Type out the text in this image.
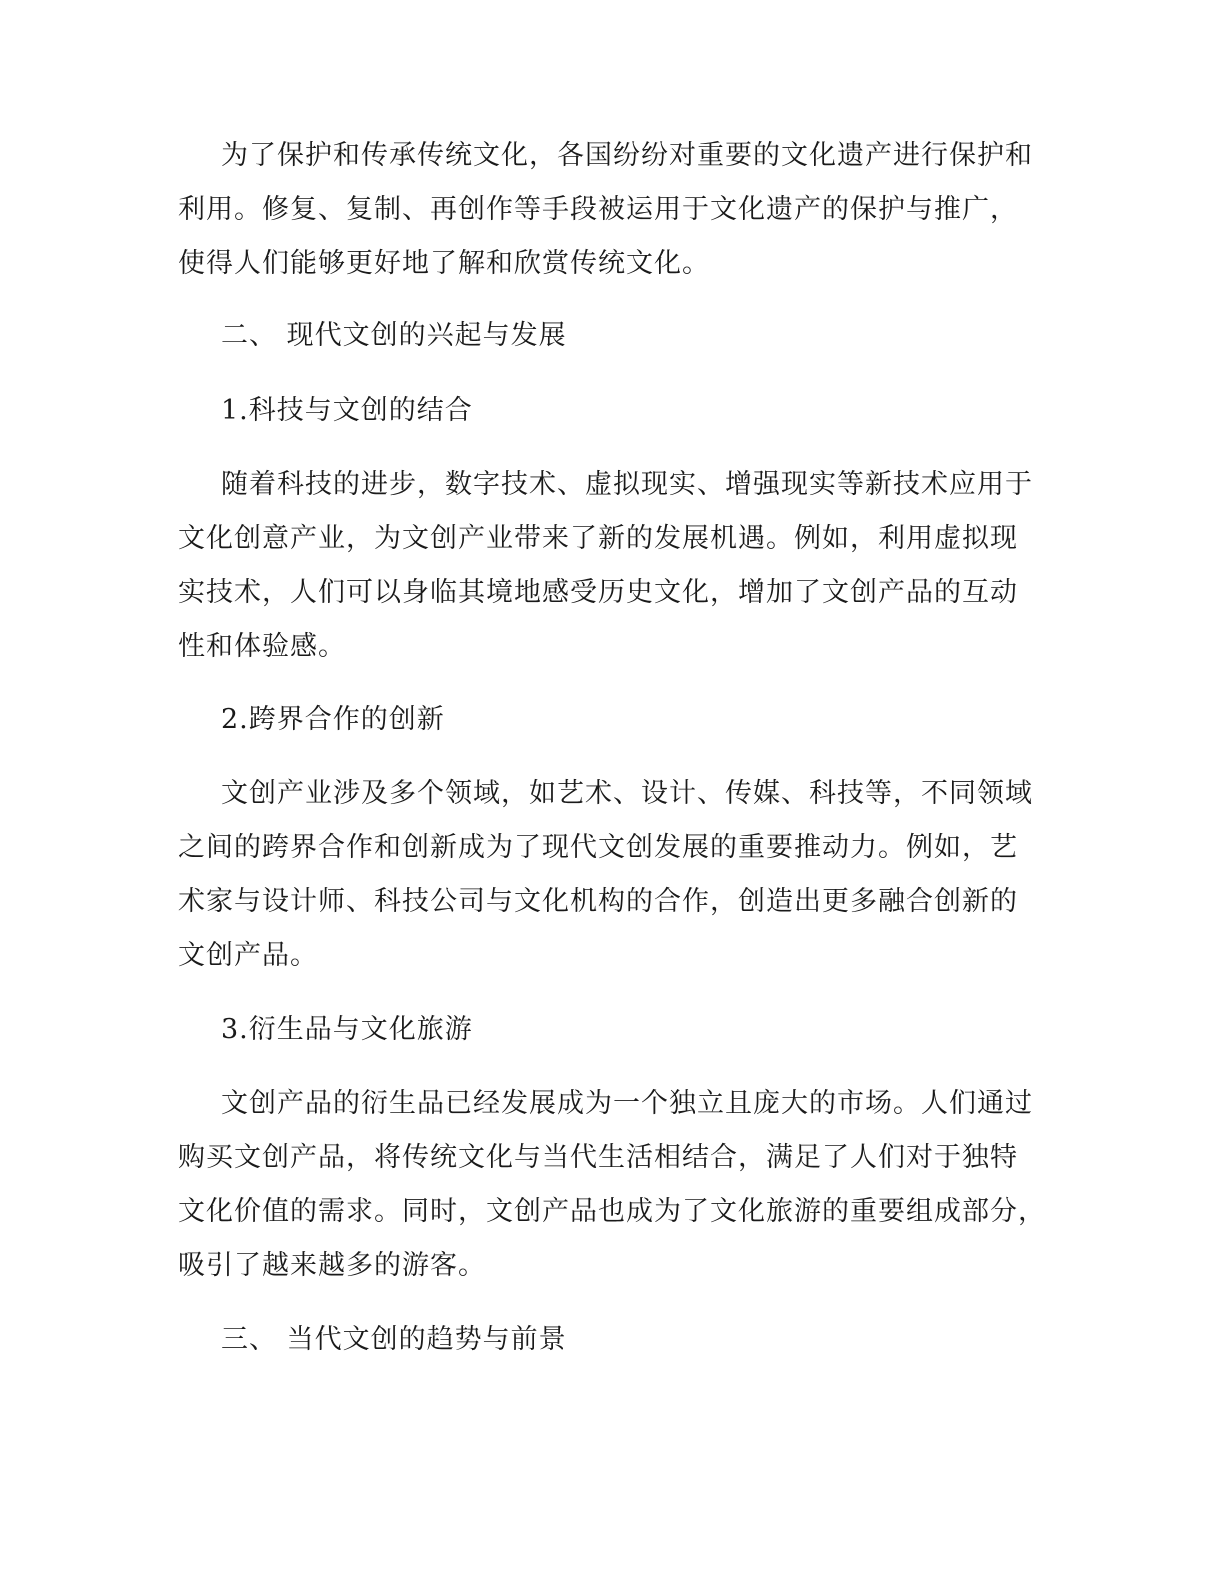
为了保护和传承传统文化，各国纷纷对重要的文化遗产进行保护和
利用。修复、复制、再创作等手段被运用于文化遗产的保护与推广，
使得人们能够更好地了解和欣赏传统文化。
二、 现代文创的兴起与发展
1.科技与文创的结合
随着科技的进步，数字技术、虚拟现实、增强现实等新技术应用于
文化创意产业，为文创产业带来了新的发展机遇。例如，利用虚拟现
实技术，人们可以身临其境地感受历史文化，增加了文创产品的互动
性和体验感。
2.跨界合作的创新
文创产业涉及多个领域，如艺术、设计、传媒、科技等，不同领域
之间的跨界合作和创新成为了现代文创发展的重要推动力。例如，艺
术家与设计师、科技公司与文化机构的合作，创造出更多融合创新的
文创产品。
3.衍生品与文化旅游
文创产品的衍生品已经发展成为一个独立且庞大的市场。人们通过
购买文创产品，将传统文化与当代生活相结合，满足了人们对于独特
文化价值的需求。同时，文创产品也成为了文化旅游的重要组成部分，
吸引了越来越多的游客。
三、 当代文创的趋势与前景
